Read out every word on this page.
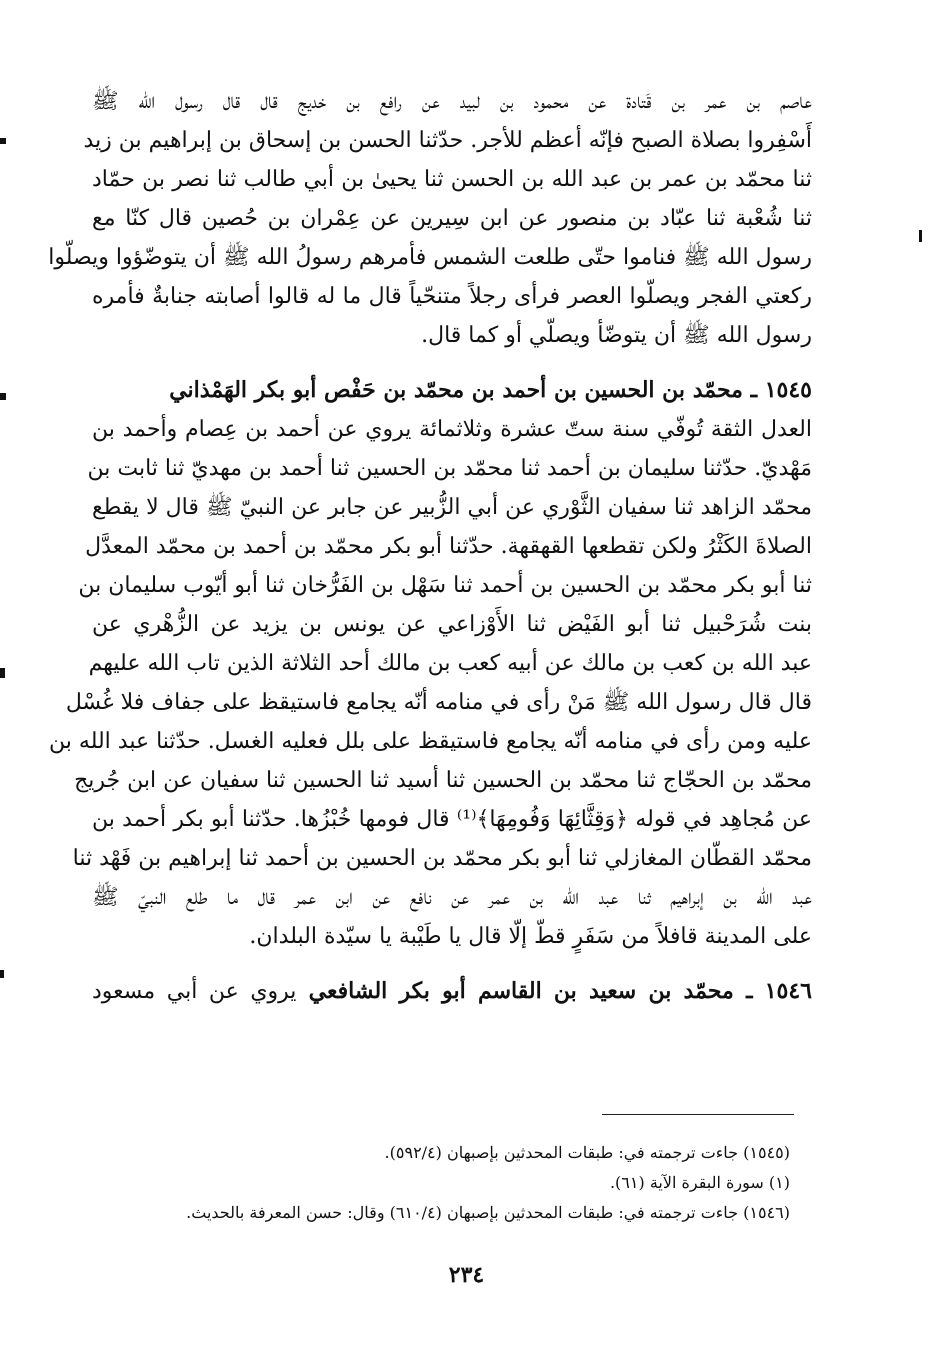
عاصم بن عمر بن قَتادة عن محمود بن لبيد عن رافع بن خديج قال قال رسول الله ﷺ
أَسْفِروا بصلاة الصبح فإنّه أعظم للأجر. حدّثنا الحسن بن إسحاق بن إبراهيم بن زيد
ثنا محمّد بن عمر بن عبد الله بن الحسن ثنا يحيىٰ بن أبي طالب ثنا نصر بن حمّاد
ثنا شُعْبة ثنا عبّاد بن منصور عن ابن سِيرين عن عِمْران بن حُصين قال كنّا مع
رسول الله ﷺ فناموا حتّى طلعت الشمس فأمرهم رسولُ الله ﷺ أن يتوضّؤوا ويصلّوا
ركعتي الفجر ويصلّوا العصر فرأى رجلاً متنحّياً قال ما له قالوا أصابته جنابةٌ فأمره
رسول الله ﷺ أن يتوضّأ ويصلّي أو كما قال.
١٥٤٥ ـ محمّد بن الحسين بن أحمد بن محمّد بن حَفْص أبو بكر الهَمْذاني
العدل الثقة تُوفّي سنة ستّ عشرة وثلاثمائة يروي عن أحمد بن عِصام وأحمد بن
مَهْديّ. حدّثنا سليمان بن أحمد ثنا محمّد بن الحسين ثنا أحمد بن مهديّ ثنا ثابت بن
محمّد الزاهد ثنا سفيان الثَّوْري عن أبي الزُّبير عن جابر عن النبيّ ﷺ قال لا يقطع
الصلاةَ الكَثْرُ ولكن تقطعها القهقهة. حدّثنا أبو بكر محمّد بن أحمد بن محمّد المعدَّل
ثنا أبو بكر محمّد بن الحسين بن أحمد ثنا سَهْل بن الفَرُّخان ثنا أبو أيّوب سليمان بن
بنت شُرَحْبيل ثنا أبو الفَيْض ثنا الأَوْزاعي عن يونس بن يزيد عن الزُّهْري عن
عبد الله بن كعب بن مالك عن أبيه كعب بن مالك أحد الثلاثة الذين تاب الله عليهم
قال قال رسول الله ﷺ مَنْ رأى في منامه أنّه يجامع فاستيقظ على جفاف فلا غُسْل
عليه ومن رأى في منامه أنّه يجامع فاستيقظ على بلل فعليه الغسل. حدّثنا عبد الله بن
محمّد بن الحجّاج ثنا محمّد بن الحسين ثنا أسيد ثنا الحسين ثنا سفيان عن ابن جُريج
عن مُجاهِد في قوله ﴿وَقِثَّائِهَا وَفُومِهَا﴾⁽¹⁾ قال فومها خُبْزُها. حدّثنا أبو بكر أحمد بن
محمّد القطّان المغازلي ثنا أبو بكر محمّد بن الحسين بن أحمد ثنا إبراهيم بن فَهْد ثنا
عبد الله بن إبراهيم ثنا عبد الله بن عمر عن نافع عن ابن عمر قال ما طلع النبيّ ﷺ
على المدينة قافلاً من سَفَرٍ قطّ إلّا قال يا طَيْبة يا سيّدة البلدان.
١٥٤٦ ـ محمّد بن سعيد بن القاسم أبو بكر الشافعي يروي عن أبي مسعود
(١٥٤٥) جاءت ترجمته في: طبقات المحدثين بإصبهان (٥٩٢/٤).
(١) سورة البقرة الآية (٦١).
(١٥٤٦) جاءت ترجمته في: طبقات المحدثين بإصبهان (٦١٠/٤) وقال: حسن المعرفة بالحديث.
٢٣٤
